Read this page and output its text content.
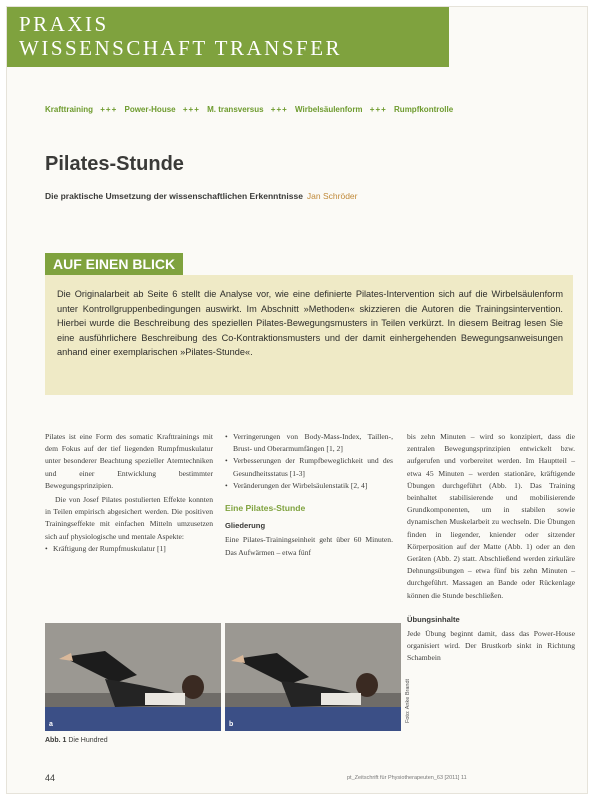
PRAXIS
WISSENSCHAFT TRANSFER
Krafttraining +++ Power-House +++ M. transversus +++ Wirbelsäulenform +++ Rumpfkontrolle
Pilates-Stunde
Die praktische Umsetzung der wissenschaftlichen Erkenntnisse Jan Schröder
AUF EINEN BLICK
Die Originalarbeit ab Seite 6 stellt die Analyse vor, wie eine definierte Pilates-Intervention sich auf die Wirbelsäulenform unter Kontrollgruppenbedingungen auswirkt. Im Abschnitt »Methoden« skizzieren die Autoren die Trainingsintervention. Hierbei wurde die Beschreibung des speziellen Pilates-Bewegungsmusters in Teilen verkürzt. In diesem Beitrag lesen Sie eine ausführlichere Beschreibung des Co-Kontraktionsmusters und der damit einhergehenden Bewegungsanweisungen anhand einer exemplarischen »Pilates-Stunde«.

Pilates ist eine Form des somatic Krafttrainings mit dem Fokus auf der tief liegenden Rumpfmuskulatur unter besonderer Beachtung spezieller Atemtechniken und einer Entwicklung bestimmter Bewegungsprinzipien.

Die von Josef Pilates postulierten Effekte konnten in Teilen empirisch abgesichert werden. Die positiven Trainingseffekte mit einfachen Mitteln umzusetzen sich auf physiologische und mentale Aspekte:

• Kräftigung der Rumpfmuskulatur [1]
• Verringerungen von Body-Mass-Index, Taillen-, Brust- und Oberarmumfängen [1, 2]
• Verbesserungen der Rumpfbeweglichkeit und des Gesundheitsstatus [1-3]
• Veränderungen der Wirbelsäulenstatik [2, 4]
Eine Pilates-Stunde
Gliederung

Eine Pilates-Trainingseinheit geht über 60 Minuten. Das Aufwärmen – etwa fünf

bis zehn Minuten – wird so konzipiert, dass die zentralen Bewegungsprinzipien entwickelt bzw. aufgerufen und vorbereitet werden. Im Hauptteil – etwa 45 Minuten – werden stationäre, kräftigende Übungen durchgeführt (Abb. 1). Das Training beinhaltet stabilisierende und mobilisierende Grundkomponenten, um in stabilen sowie dynamischen Muskelarbeit zu wechseln. Die Übungen finden in liegender, kniender oder sitzender Körperposition auf der Matte (Abb. 1) oder an den Geräten (Abb. 2) statt. Abschließend werden zirkuläre Dehnungsübungen – etwa fünf bis zehn Minuten – durchgeführt. Massagen an Bande oder Rückenlage können die Stunde beschließen.

Übungsinhalte

Jede Übung beginnt damit, dass das Power-House organisiert wird. Der Brustkorb sinkt in Richtung Schambein

a	b
Foto: Anke Brandt
Abb. 1 Die Hundred
44	pt_Zeitschrift für Physiotherapeuten_63 [2011] 11
